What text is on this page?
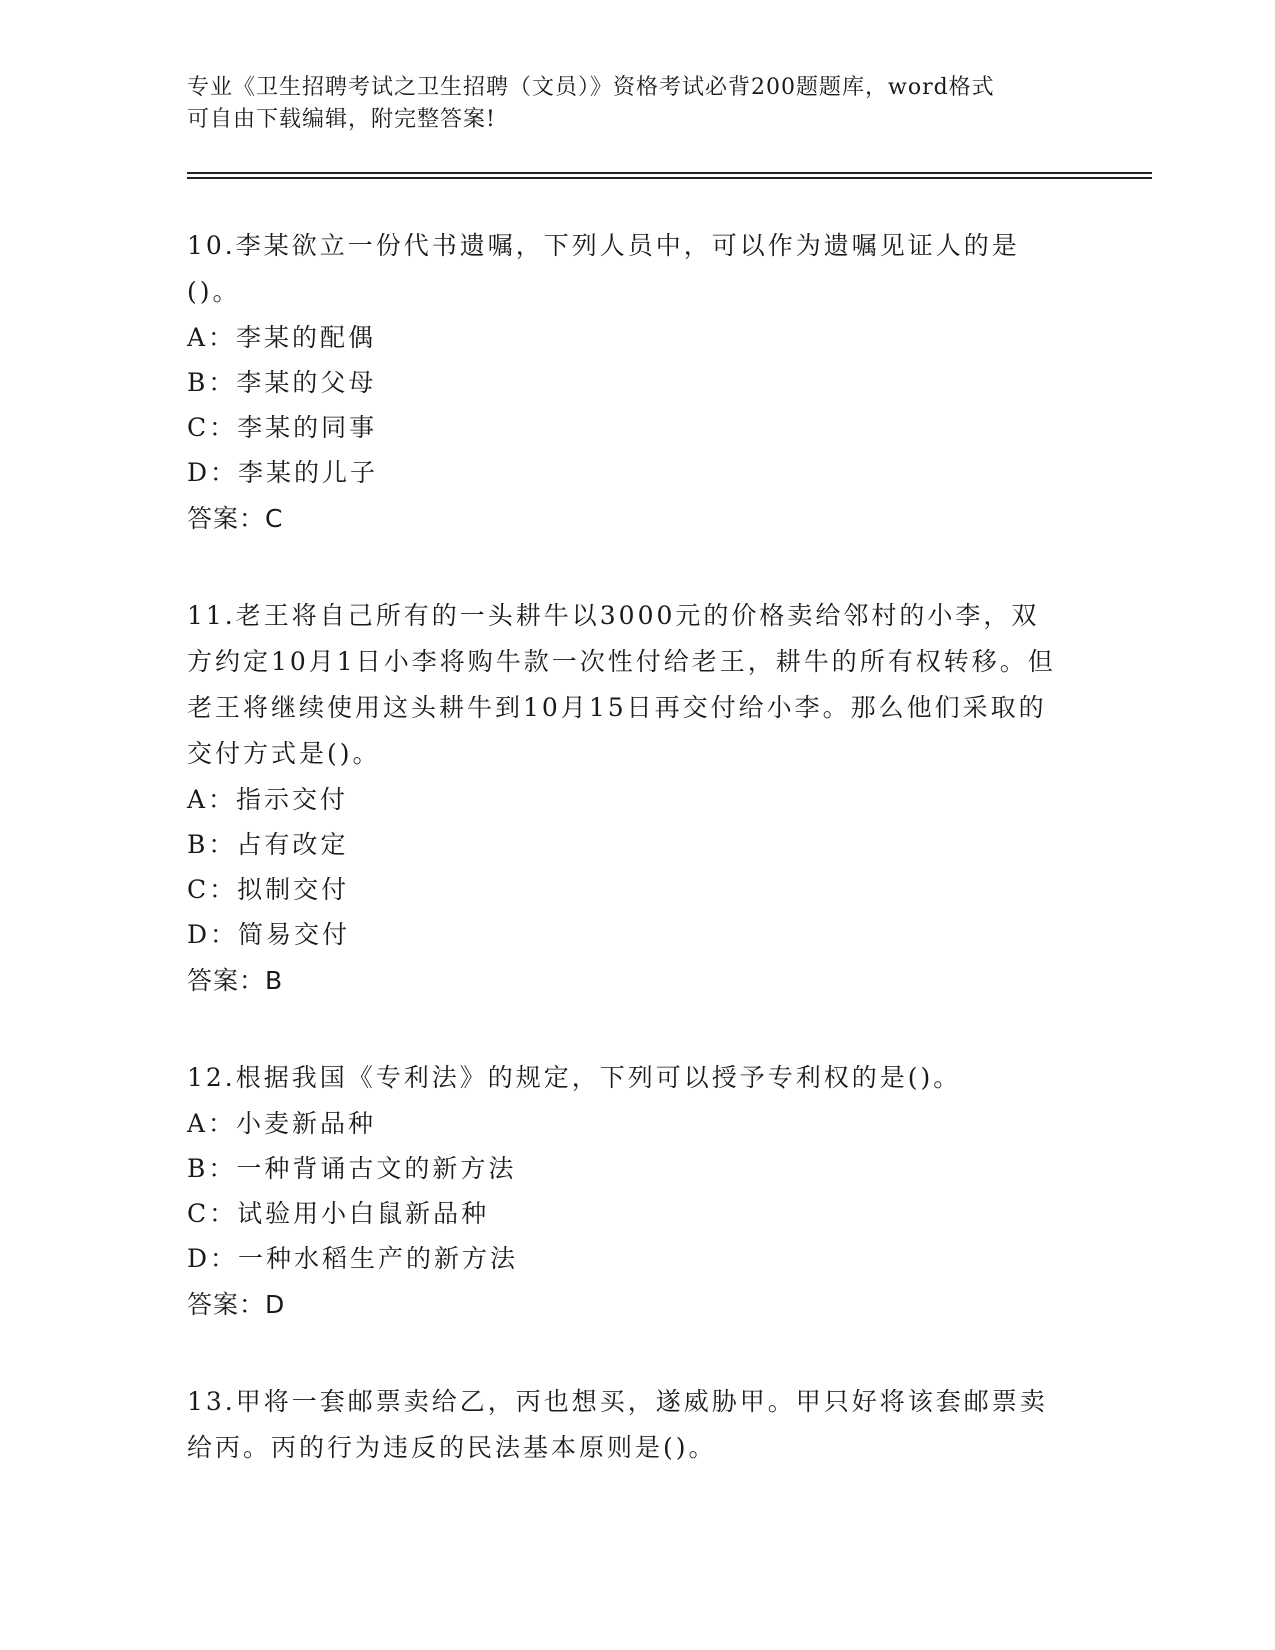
专业《卫生招聘考试之卫生招聘（文员）》资格考试必背200题题库，word格式
可自由下载编辑，附完整答案!
10.李某欲立一份代书遗嘱，下列人员中，可以作为遗嘱见证人的是()。
A：李某的配偶
B：李某的父母
C：李某的同事
D：李某的儿子
答案：C
11.老王将自己所有的一头耕牛以3000元的价格卖给邻村的小李，双方约定10月1日小李将购牛款一次性付给老王，耕牛的所有权转移。但老王将继续使用这头耕牛到10月15日再交付给小李。那么他们采取的交付方式是()。
A：指示交付
B：占有改定
C：拟制交付
D：简易交付
答案：B
12.根据我国《专利法》的规定，下列可以授予专利权的是()。
A：小麦新品种
B：一种背诵古文的新方法
C：试验用小白鼠新品种
D：一种水稻生产的新方法
答案：D
13.甲将一套邮票卖给乙，丙也想买，遂威胁甲。甲只好将该套邮票卖给丙。丙的行为违反的民法基本原则是()。
